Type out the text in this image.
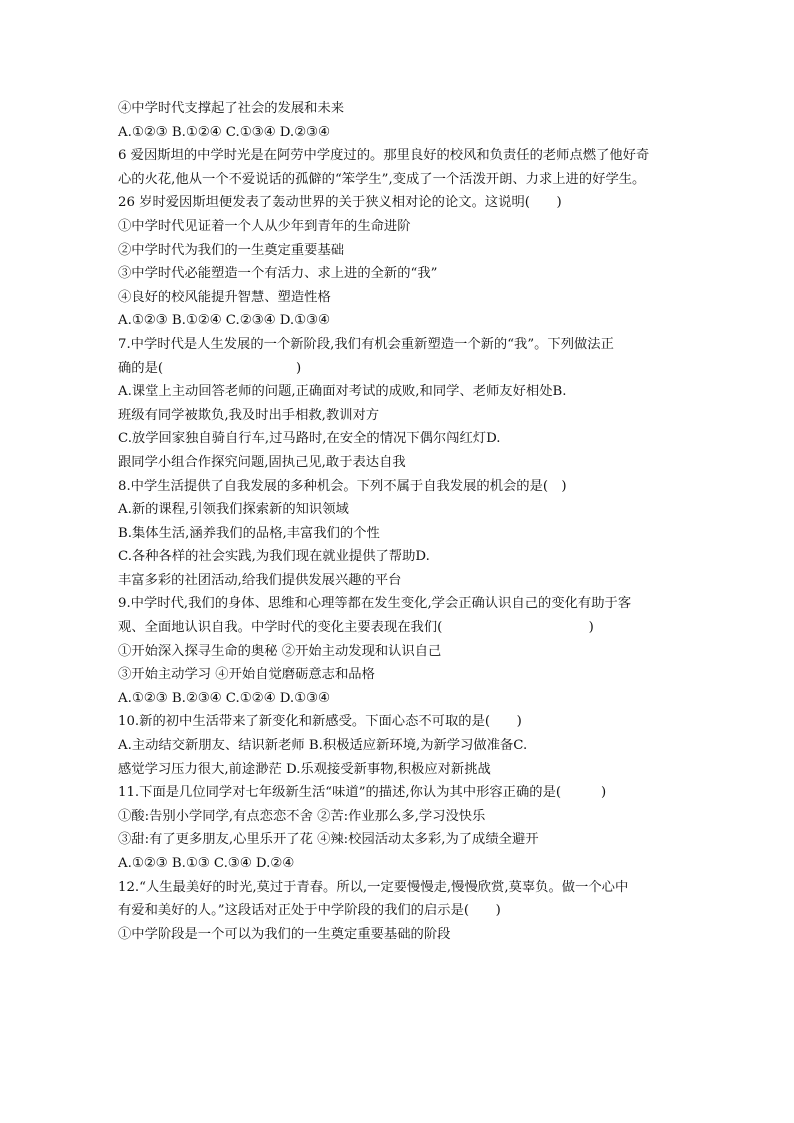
④中学时代支撑起了社会的发展和未来
A.①②③ B.①②④ C.①③④ D.②③④
6 爱因斯坦的中学时光是在阿劳中学度过的。那里良好的校风和负责任的老师点燃了他好奇
心的火花,他从一个不爱说话的孤僻的“笨学生”,变成了一个活泼开朗、力求上进的好学生。
26 岁时爱因斯坦便发表了轰动世界的关于狭义相对论的论文。这说明(　　)
①中学时代见证着一个人从少年到青年的生命进阶
②中学时代为我们的一生奠定重要基础
③中学时代必能塑造一个有活力、求上进的全新的“我”
④良好的校风能提升智慧、塑造性格
A.①②③ B.①②④ C.②③④ D.①③④
7.中学时代是人生发展的一个新阶段,我们有机会重新塑造一个新的“我”。下列做法正
确的是(　　　　　　　　　　)
A.课堂上主动回答老师的问题,正确面对考试的成败,和同学、老师友好相处B.
班级有同学被欺负,我及时出手相救,教训对方
C.放学回家独自骑自行车,过马路时,在安全的情况下偶尔闯红灯D.
跟同学小组合作探究问题,固执己见,敢于表达自我
8.中学生活提供了自我发展的多种机会。下列不属于自我发展的机会的是(　)
A.新的课程,引领我们探索新的知识领域
B.集体生活,涵养我们的品格,丰富我们的个性
C.各种各样的社会实践,为我们现在就业提供了帮助D.
丰富多彩的社团活动,给我们提供发展兴趣的平台
9.中学时代,我们的身体、思维和心理等都在发生变化,学会正确认识自己的变化有助于客
观、全面地认识自我。中学时代的变化主要表现在我们(　　　　　　　　　　　)
①开始深入探寻生命的奥秘 ②开始主动发现和认识自己
③开始主动学习 ④开始自觉磨砺意志和品格
A.①②③ B.②③④ C.①②④ D.①③④
10.新的初中生活带来了新变化和新感受。下面心态不可取的是(　　)
A.主动结交新朋友、结识新老师 B.积极适应新环境,为新学习做准备C.
感觉学习压力很大,前途渺茫 D.乐观接受新事物,积极应对新挑战
11.下面是几位同学对七年级新生活“味道”的描述,你认为其中形容正确的是(　　　)
①酸:告别小学同学,有点恋恋不舍 ②苦:作业那么多,学习没快乐
③甜:有了更多朋友,心里乐开了花 ④辣:校园活动太多彩,为了成绩全避开
A.①②③ B.①③ C.③④ D.②④
12.“人生最美好的时光,莫过于青春。所以,一定要慢慢走,慢慢欣赏,莫辜负。做一个心中
有爱和美好的人。”这段话对正处于中学阶段的我们的启示是(　　)
①中学阶段是一个可以为我们的一生奠定重要基础的阶段
